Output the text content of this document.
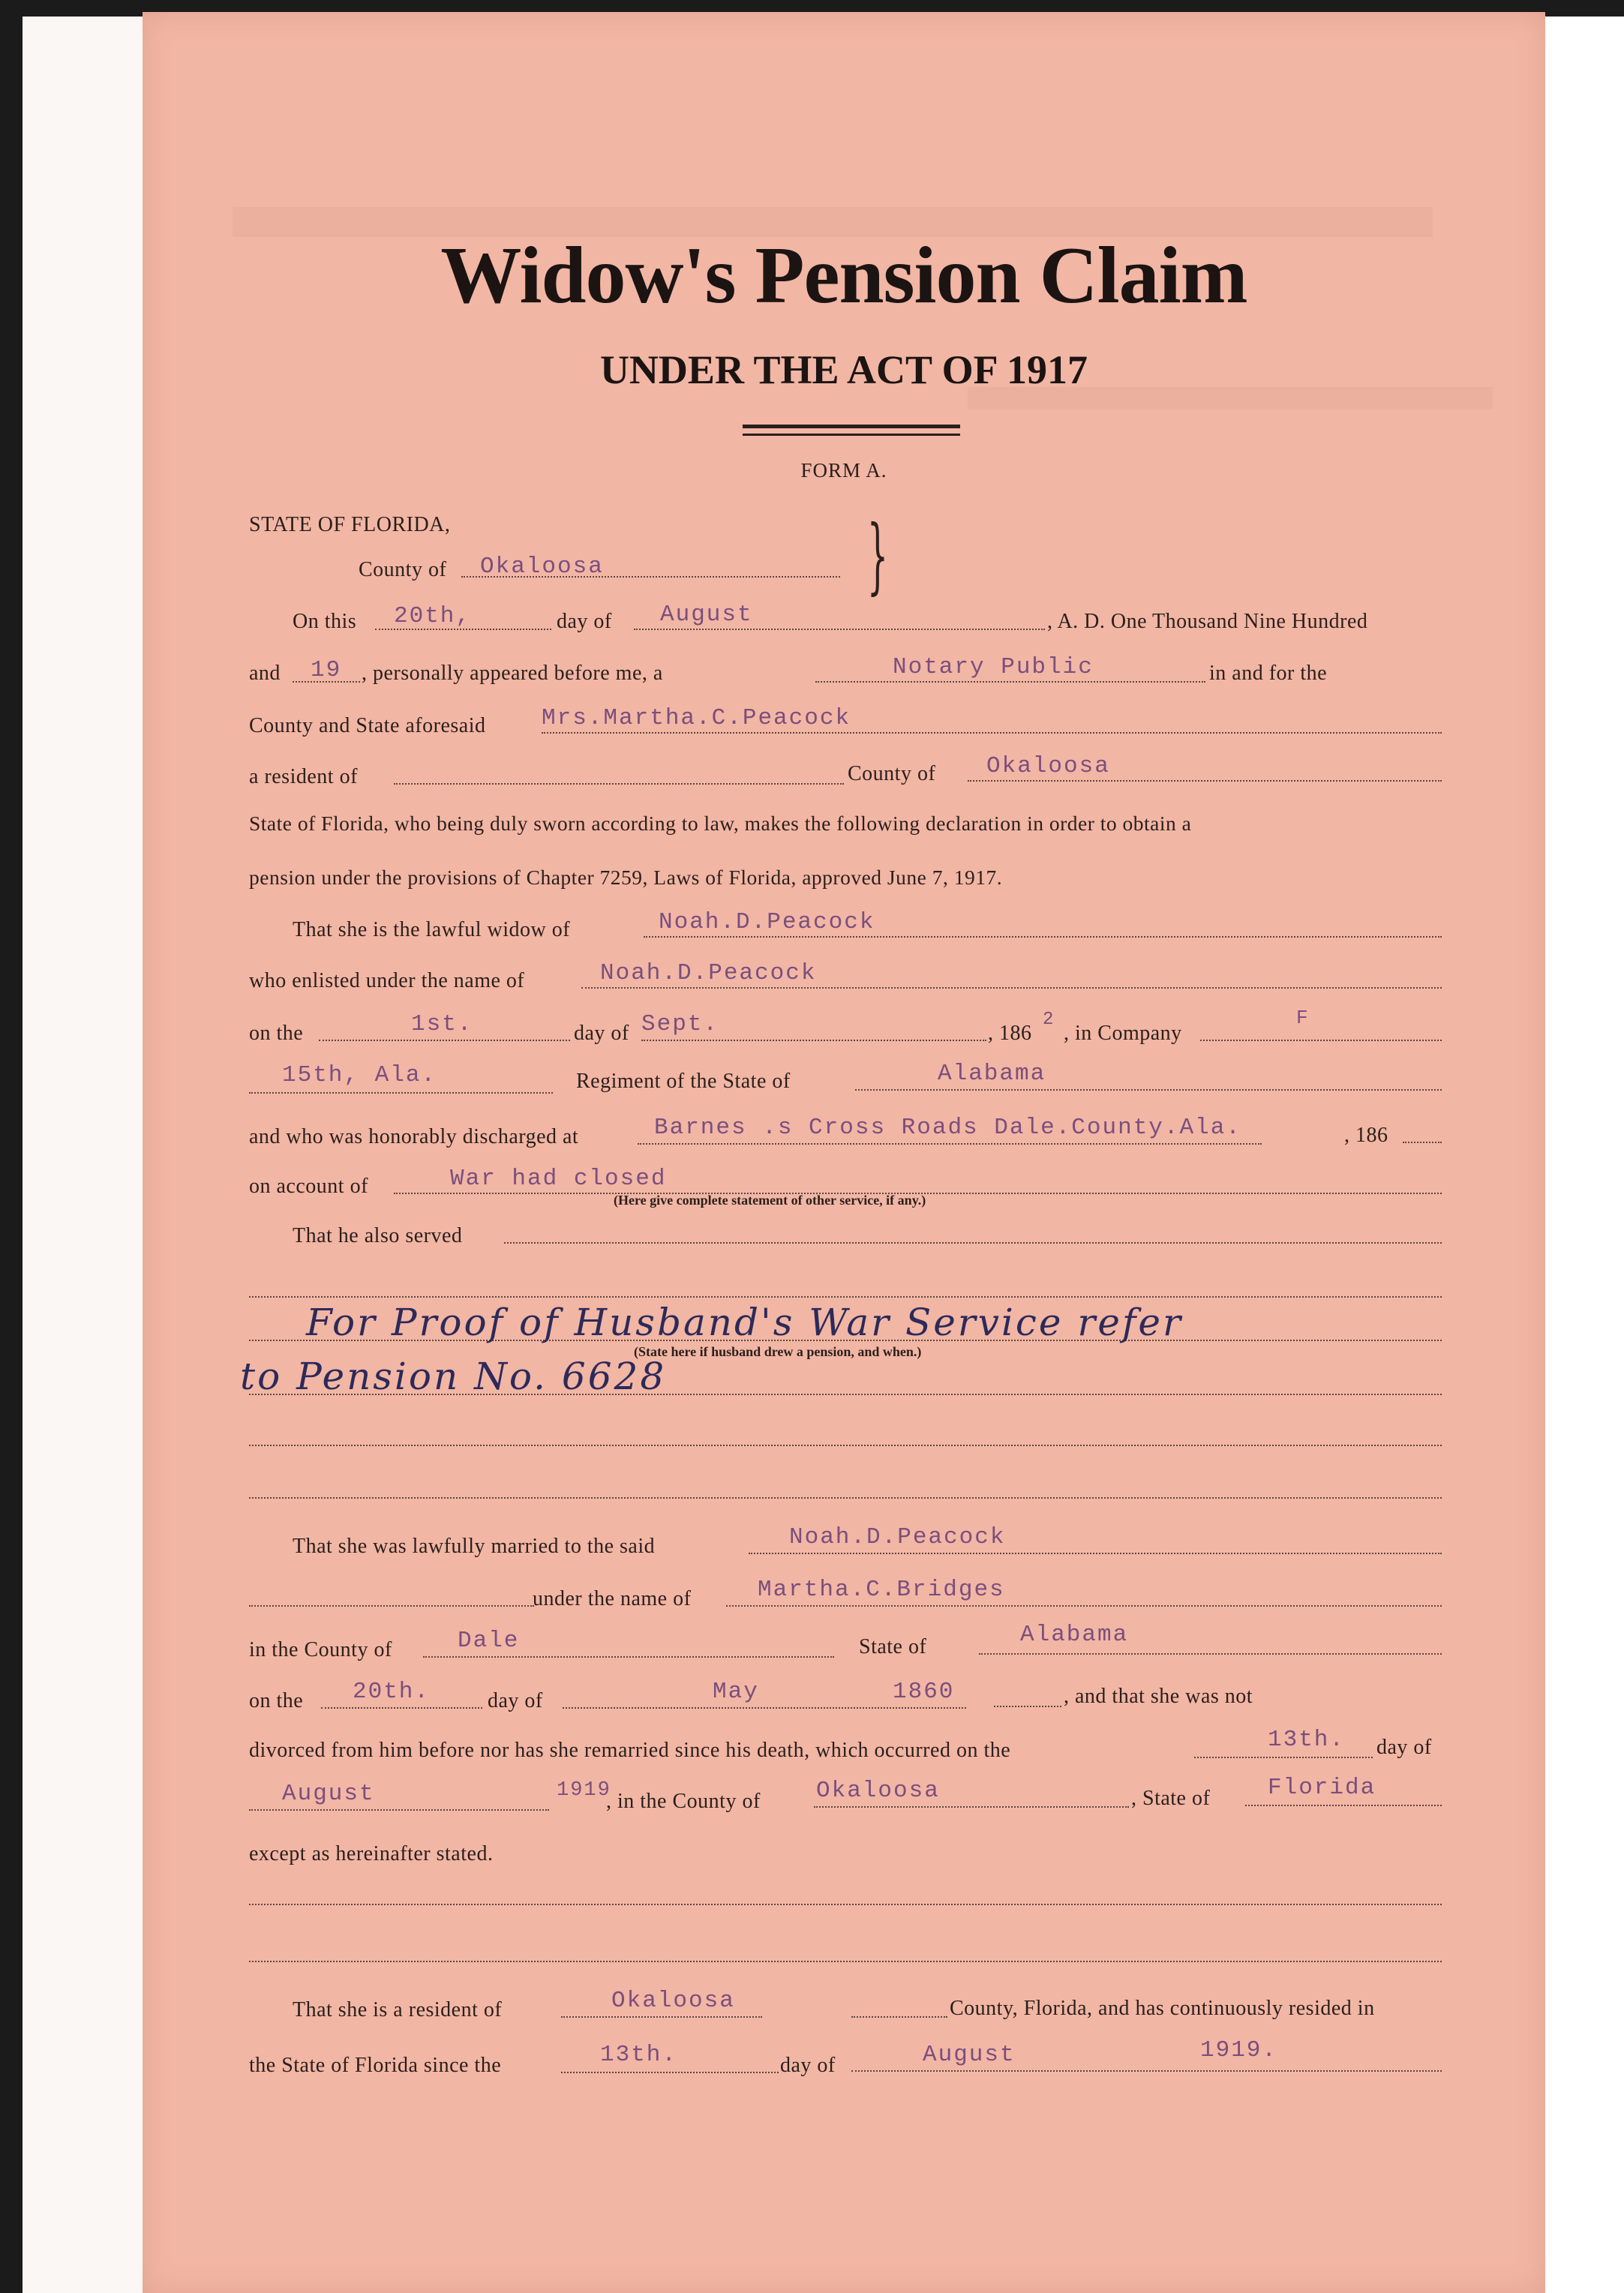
Widow's Pension Claim
UNDER THE ACT OF 1917
FORM A.
STATE OF FLORIDA,
County of Okaloosa	}
On this 20th,	day of August	, A. D. One Thousand Nine Hundred
and 19 , personally appeared before me, a	Notary Public	in and for the
County and State aforesaid Mrs.Martha.C.Peacock
a resident of	County of Okaloosa
State of Florida, who being duly sworn according to law, makes the following declaration in order to obtain a
pension under the provisions of Chapter 7259, Laws of Florida, approved June 7, 1917.
That she is the lawful widow of	Noah.D.Peacock
who enlisted under the name of	Noah.D.Peacock
on the	1st.	day of Sept.	, 186
2
, in Company
F
15th, Ala.	Regiment of the State of	Alabama
and who was honorably discharged at	Barnes .s Cross Roads Dale.County.Ala.	, 186
on account of	War had closed
(Here give complete statement of other service, if any.)
That he also served
For Proof of Husband's War Service refer
(State here if husband drew a pension, and when.)
to Pension No. 6628
That she was lawfully married to the said	Noah.D.Peacock
under the name of	Martha.C.Bridges
in the County of	Dale	State of	Alabama
on the 20th.	day of	May	1860	, and that she was not
divorced from him before nor has she remarried since his death, which occurred on the	13th. day of
August	1919
, in the County of Okaloosa	, State of Florida
except as hereinafter stated.
That she is a resident of	Okaloosa	County, Florida, and has continuously resided in
the State of Florida since the	13th.	day of	August	1919.
